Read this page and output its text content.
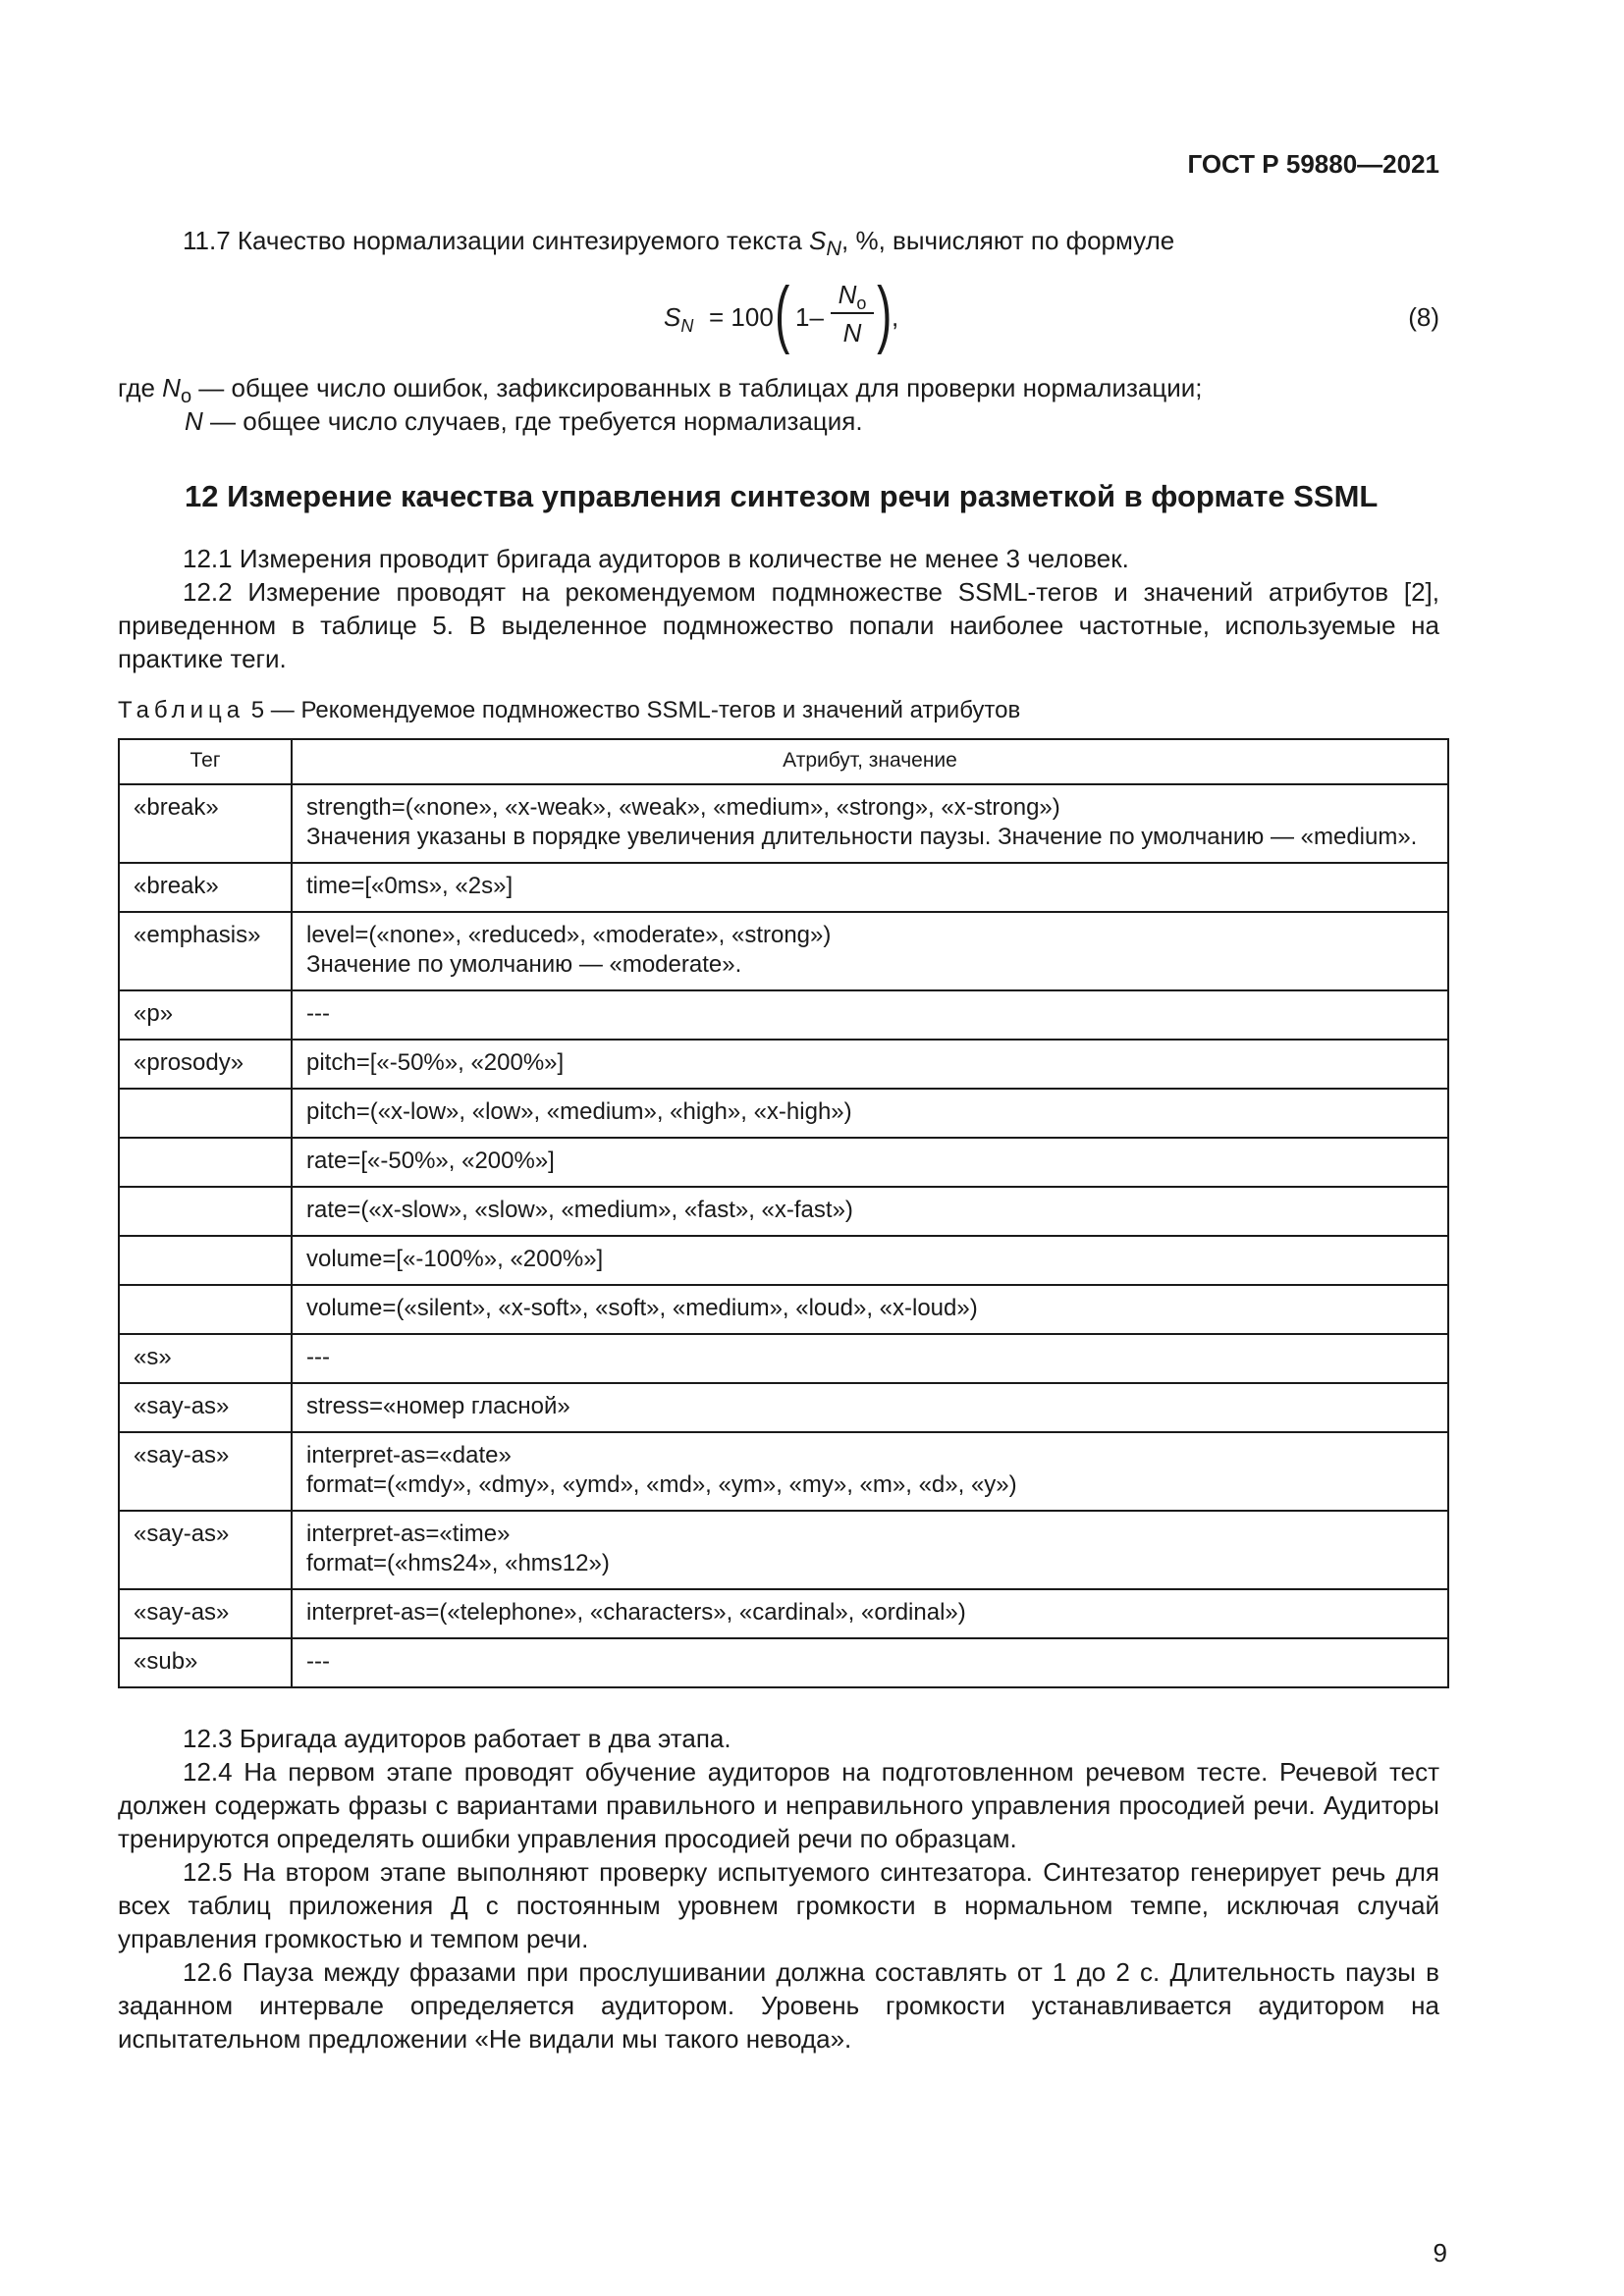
ГОСТ Р 59880—2021
11.7 Качество нормализации синтезируемого текста $S_N$, %, вычисляют по формуле
$S_N = 100$ ( 1–
$N_o$
N ) ,	(8)
где $N_o$ — общее число ошибок, зафиксированных в таблицах для проверки нормализации;
N — общее число случаев, где требуется нормализация.
12 Измерение качества управления синтезом речи разметкой в формате SSML
12.1 Измерения проводит бригада аудиторов в количестве не менее 3 человек.
12.2 Измерение проводят на рекомендуемом подмножестве SSML-тегов и значений атрибутов [2], приведенном в таблице 5. В выделенное подмножество попали наиболее частотные, используемые на практике теги.
Таблица 5 — Рекомендуемое подмножество SSML-тегов и значений атрибутов
Тег	Атрибут, значение
«break»	strength=(«none», «x-weak», «weak», «medium», «strong», «x-strong»)
Значения указаны в порядке увеличения длительности паузы. Значение по умолчанию — «medium».

«break»	time=[«0ms», «2s»]

«emphasis»	level=(«none», «reduced», «moderate», «strong»)
Значение по умолчанию — «moderate».

«p»	---

«prosody»	pitch=[«-50%», «200%»]

	pitch=(«x-low», «low», «medium», «high», «x-high»)

	rate=[«-50%», «200%»]

	rate=(«x-slow», «slow», «medium», «fast», «x-fast»)

	volume=[«-100%», «200%»]

	volume=(«silent», «x-soft», «soft», «medium», «loud», «x-loud»)

«s»	---

«say-as»	stress=«номер гласной»

«say-as»	interpret-as=«date»
format=(«mdy», «dmy», «ymd», «md», «ym», «my», «m», «d», «y»)

«say-as»	interpret-as=«time»
format=(«hms24», «hms12»)

«say-as»	interpret-as=(«telephone», «characters», «cardinal», «ordinal»)

«sub»	---
12.3 Бригада аудиторов работает в два этапа.
12.4 На первом этапе проводят обучение аудиторов на подготовленном речевом тесте. Речевой тест должен содержать фразы с вариантами правильного и неправильного управления просодией речи. Аудиторы тренируются определять ошибки управления просодией речи по образцам.
12.5 На втором этапе выполняют проверку испытуемого синтезатора. Синтезатор генерирует речь для всех таблиц приложения Д с постоянным уровнем громкости в нормальном темпе, исключая случай управления громкостью и темпом речи.
12.6 Пауза между фразами при прослушивании должна составлять от 1 до 2 с. Длительность паузы в заданном интервале определяется аудитором. Уровень громкости устанавливается аудитором на испытательном предложении «Не видали мы такого невода».
9
